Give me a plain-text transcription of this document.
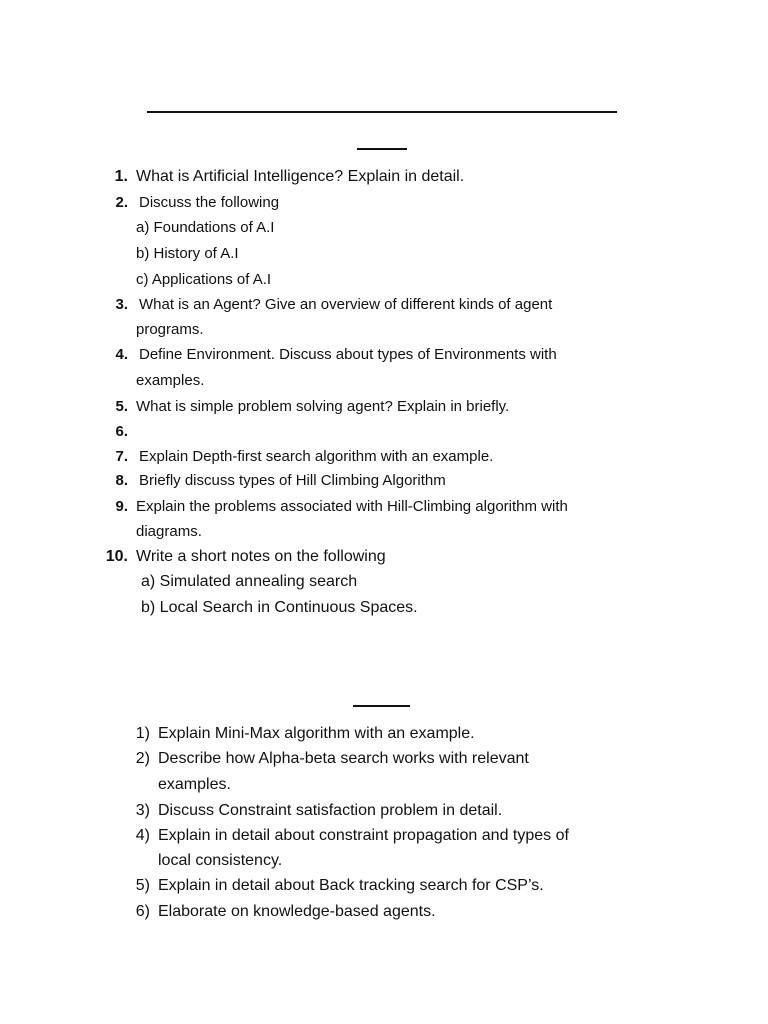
1. What is Artificial Intelligence? Explain in detail.
2. Discuss the following
a) Foundations of A.I
b) History of A.I
c) Applications of A.I
3. What is an Agent? Give an overview of different kinds of agent
programs.
4. Define Environment. Discuss about types of Environments with
examples.
5. What is simple problem solving agent? Explain in briefly.
6.
7. Explain Depth-first search algorithm with an example.
8. Briefly discuss types of Hill Climbing Algorithm
9. Explain the problems associated with Hill-Climbing algorithm with
diagrams.
10. Write a short notes on the following
a) Simulated annealing search
b) Local Search in Continuous Spaces.
1) Explain Mini-Max algorithm with an example.
2) Describe how Alpha-beta search works with relevant
examples.
3) Discuss Constraint satisfaction problem in detail.
4) Explain in detail about constraint propagation and types of
local consistency.
5) Explain in detail about Back tracking search for CSP’s.
6) Elaborate on knowledge-based agents.
